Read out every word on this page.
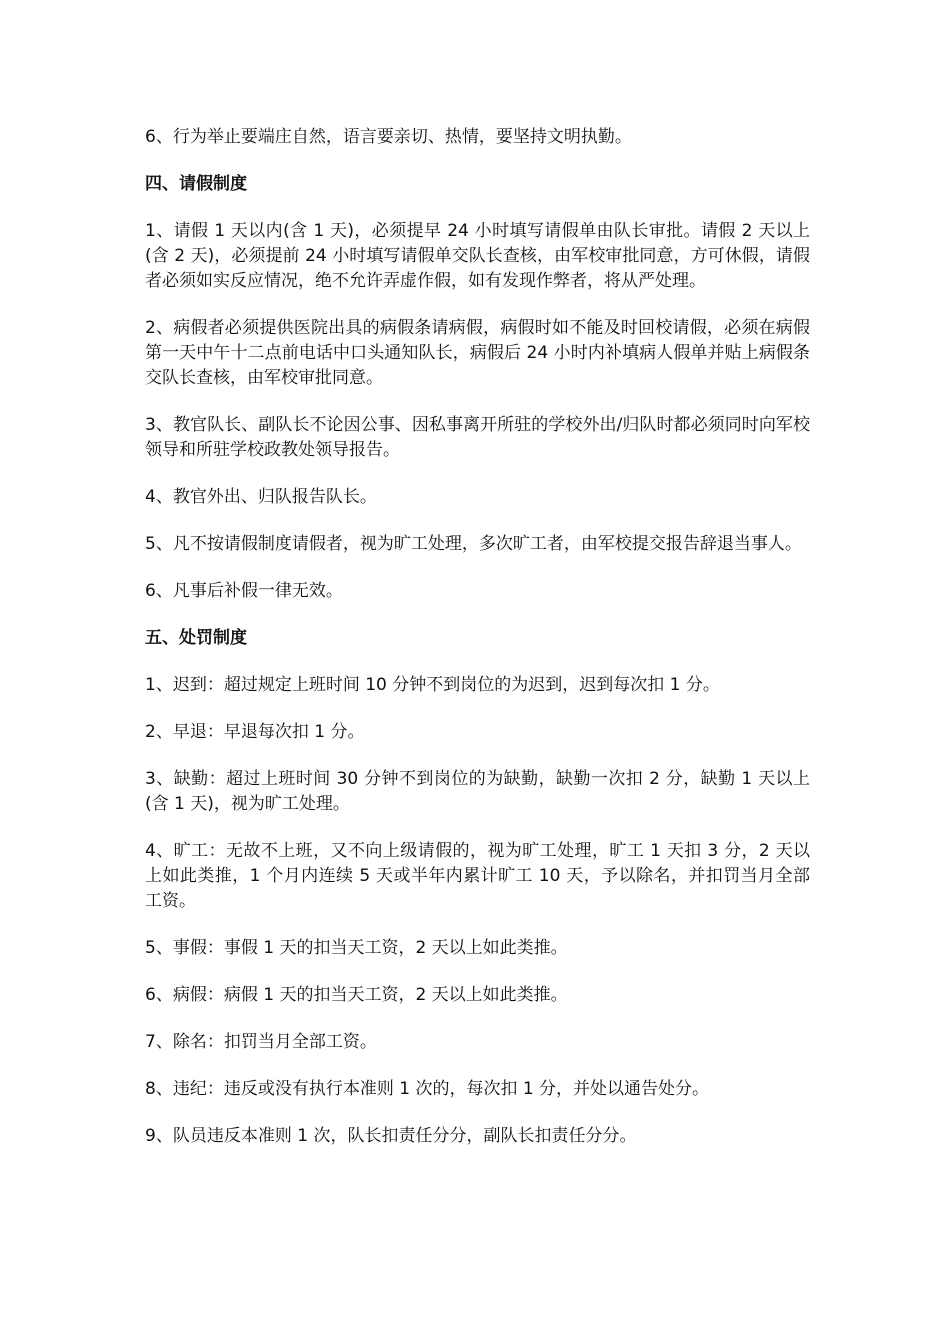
6、行为举止要端庄自然，语言要亲切、热情，要坚持文明执勤。

四、请假制度

1、请假 1 天以内(含 1 天)，必须提早 24 小时填写请假单由队长审批。请假 2 天以上(含 2 天)，必须提前 24 小时填写请假单交队长查核，由军校审批同意，方可休假，请假者必须如实反应情况，绝不允许弄虚作假，如有发现作弊者，将从严处理。

2、病假者必须提供医院出具的病假条请病假，病假时如不能及时回校请假，必须在病假第一天中午十二点前电话中口头通知队长，病假后 24 小时内补填病人假单并贴上病假条交队长查核，由军校审批同意。

3、教官队长、副队长不论因公事、因私事离开所驻的学校外出/归队时都必须同时向军校领导和所驻学校政教处领导报告。

4、教官外出、归队报告队长。

5、凡不按请假制度请假者，视为旷工处理，多次旷工者，由军校提交报告辞退当事人。

6、凡事后补假一律无效。

五、处罚制度

1、迟到：超过规定上班时间 10 分钟不到岗位的为迟到，迟到每次扣 1 分。

2、早退：早退每次扣 1 分。

3、缺勤：超过上班时间 30 分钟不到岗位的为缺勤，缺勤一次扣 2 分，缺勤 1 天以上(含 1 天)，视为旷工处理。

4、旷工：无故不上班，又不向上级请假的，视为旷工处理，旷工 1 天扣 3 分，2 天以上如此类推，1 个月内连续 5 天或半年内累计旷工 10 天，予以除名，并扣罚当月全部工资。

5、事假：事假 1 天的扣当天工资，2 天以上如此类推。

6、病假：病假 1 天的扣当天工资，2 天以上如此类推。

7、除名：扣罚当月全部工资。

8、违纪：违反或没有执行本准则 1 次的，每次扣 1 分，并处以通告处分。

9、队员违反本准则 1 次，队长扣责任分分，副队长扣责任分分。
